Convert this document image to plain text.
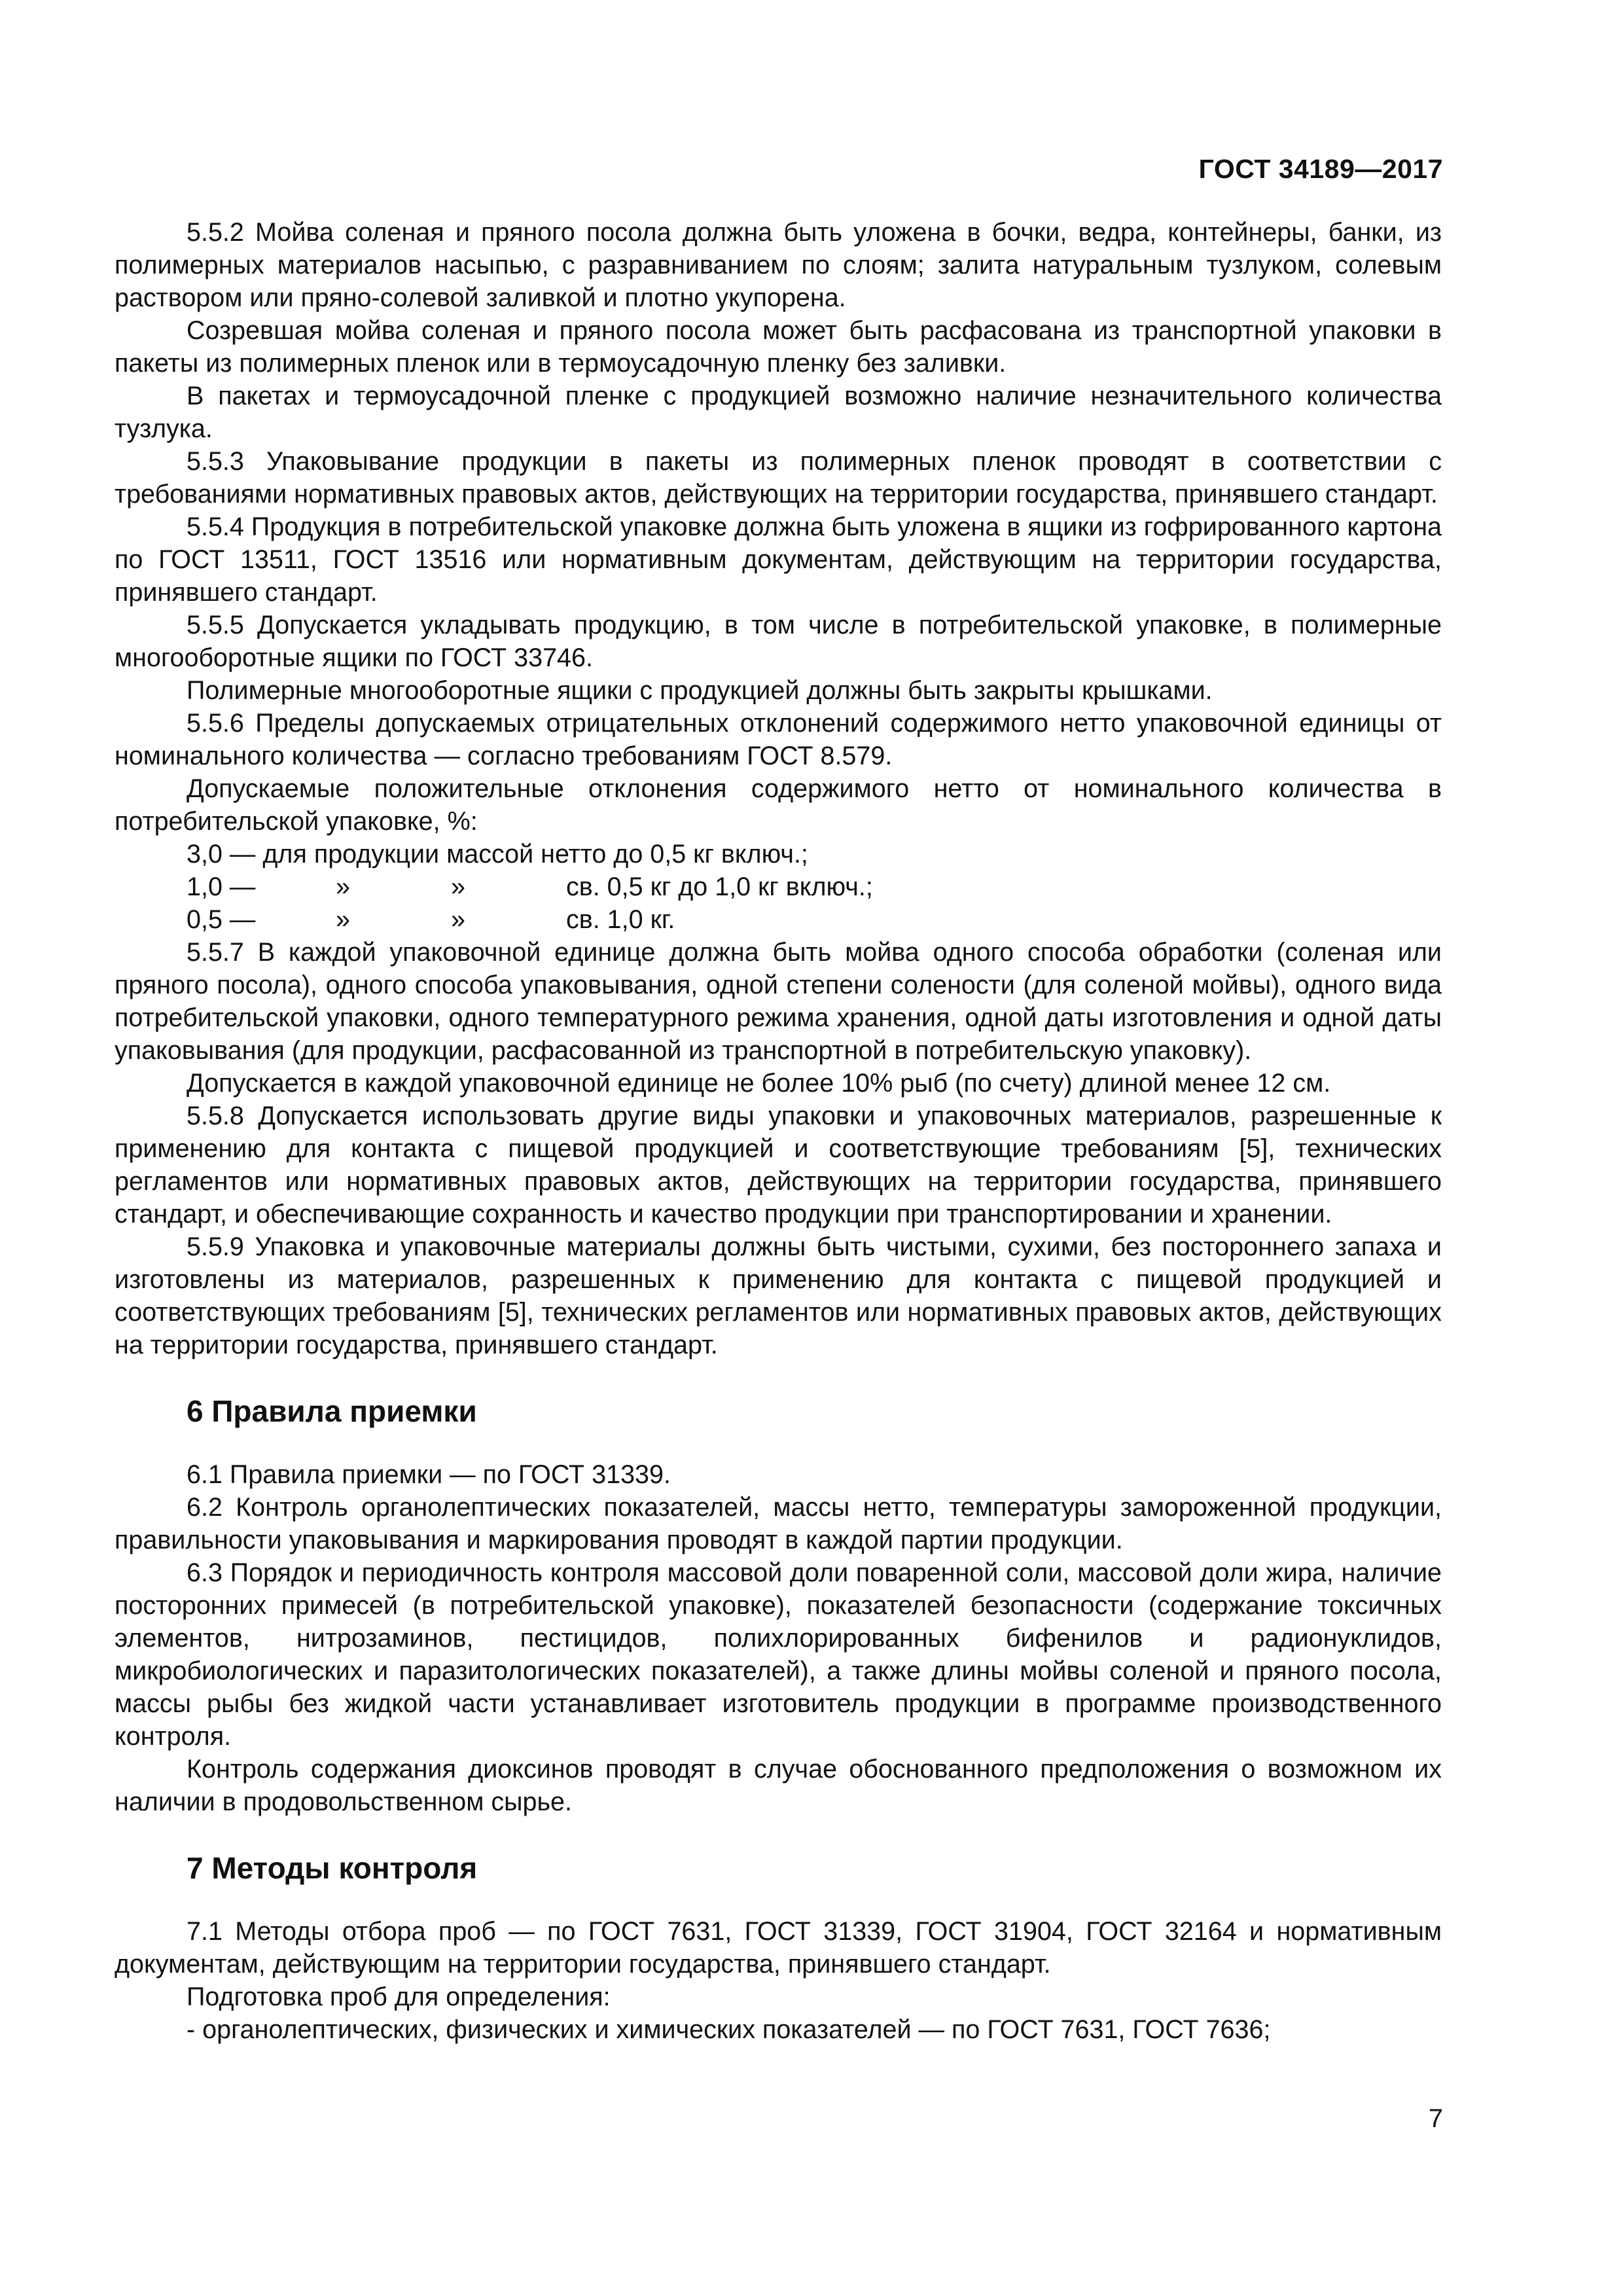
ГОСТ 34189—2017

5.5.2 Мойва соленая и пряного посола должна быть уложена в бочки, ведра, контейнеры, банки, из полимерных материалов насыпью, с разравниванием по слоям; залита натуральным тузлуком, солевым раствором или пряно-солевой заливкой и плотно укупорена.

Созревшая мойва соленая и пряного посола может быть расфасована из транспортной упаковки в пакеты из полимерных пленок или в термоусадочную пленку без заливки.

В пакетах и термоусадочной пленке с продукцией возможно наличие незначительного количества тузлука.

5.5.3 Упаковывание продукции в пакеты из полимерных пленок проводят в соответствии с требованиями нормативных правовых актов, действующих на территории государства, принявшего стандарт.

5.5.4 Продукция в потребительской упаковке должна быть уложена в ящики из гофрированного картона по ГОСТ 13511, ГОСТ 13516 или нормативным документам, действующим на территории государства, принявшего стандарт.

5.5.5 Допускается укладывать продукцию, в том числе в потребительской упаковке, в полимерные многооборотные ящики по ГОСТ 33746.

Полимерные многооборотные ящики с продукцией должны быть закрыты крышками.

5.5.6 Пределы допускаемых отрицательных отклонений содержимого нетто упаковочной единицы от номинального количества — согласно требованиям ГОСТ 8.579.

Допускаемые положительные отклонения содержимого нетто от номинального количества в потребительской упаковке, %:

3,0 — для продукции массой нетто до 0,5 кг включ.;
1,0 —	»	»	св. 0,5 кг до 1,0 кг включ.;
0,5 —	»	»	св. 1,0 кг.

5.5.7 В каждой упаковочной единице должна быть мойва одного способа обработки (соленая или пряного посола), одного способа упаковывания, одной степени солености (для соленой мойвы), одного вида потребительской упаковки, одного температурного режима хранения, одной даты изготовления и одной даты упаковывания (для продукции, расфасованной из транспортной в потребительскую упаковку).

Допускается в каждой упаковочной единице не более 10% рыб (по счету) длиной менее 12 см.

5.5.8 Допускается использовать другие виды упаковки и упаковочных материалов, разрешенные к применению для контакта с пищевой продукцией и соответствующие требованиям [5], технических регламентов или нормативных правовых актов, действующих на территории государства, принявшего стандарт, и обеспечивающие сохранность и качество продукции при транспортировании и хранении.

5.5.9 Упаковка и упаковочные материалы должны быть чистыми, сухими, без постороннего запаха и изготовлены из материалов, разрешенных к применению для контакта с пищевой продукцией и соответствующих требованиям [5], технических регламентов или нормативных правовых актов, действующих на территории государства, принявшего стандарт.

6 Правила приемки

6.1 Правила приемки — по ГОСТ 31339.

6.2 Контроль органолептических показателей, массы нетто, температуры замороженной продукции, правильности упаковывания и маркирования проводят в каждой партии продукции.

6.3 Порядок и периодичность контроля массовой доли поваренной соли, массовой доли жира, наличие посторонних примесей (в потребительской упаковке), показателей безопасности (содержание токсичных элементов, нитрозаминов, пестицидов, полихлорированных бифенилов и радионуклидов, микробиологических и паразитологических показателей), а также длины мойвы соленой и пряного посола, массы рыбы без жидкой части устанавливает изготовитель продукции в программе производственного контроля.

Контроль содержания диоксинов проводят в случае обоснованного предположения о возможном их наличии в продовольственном сырье.

7 Методы контроля

7.1 Методы отбора проб — по ГОСТ 7631, ГОСТ 31339, ГОСТ 31904, ГОСТ 32164 и нормативным документам, действующим на территории государства, принявшего стандарт.

Подготовка проб для определения:

- органолептических, физических и химических показателей — по ГОСТ 7631, ГОСТ 7636;

7
